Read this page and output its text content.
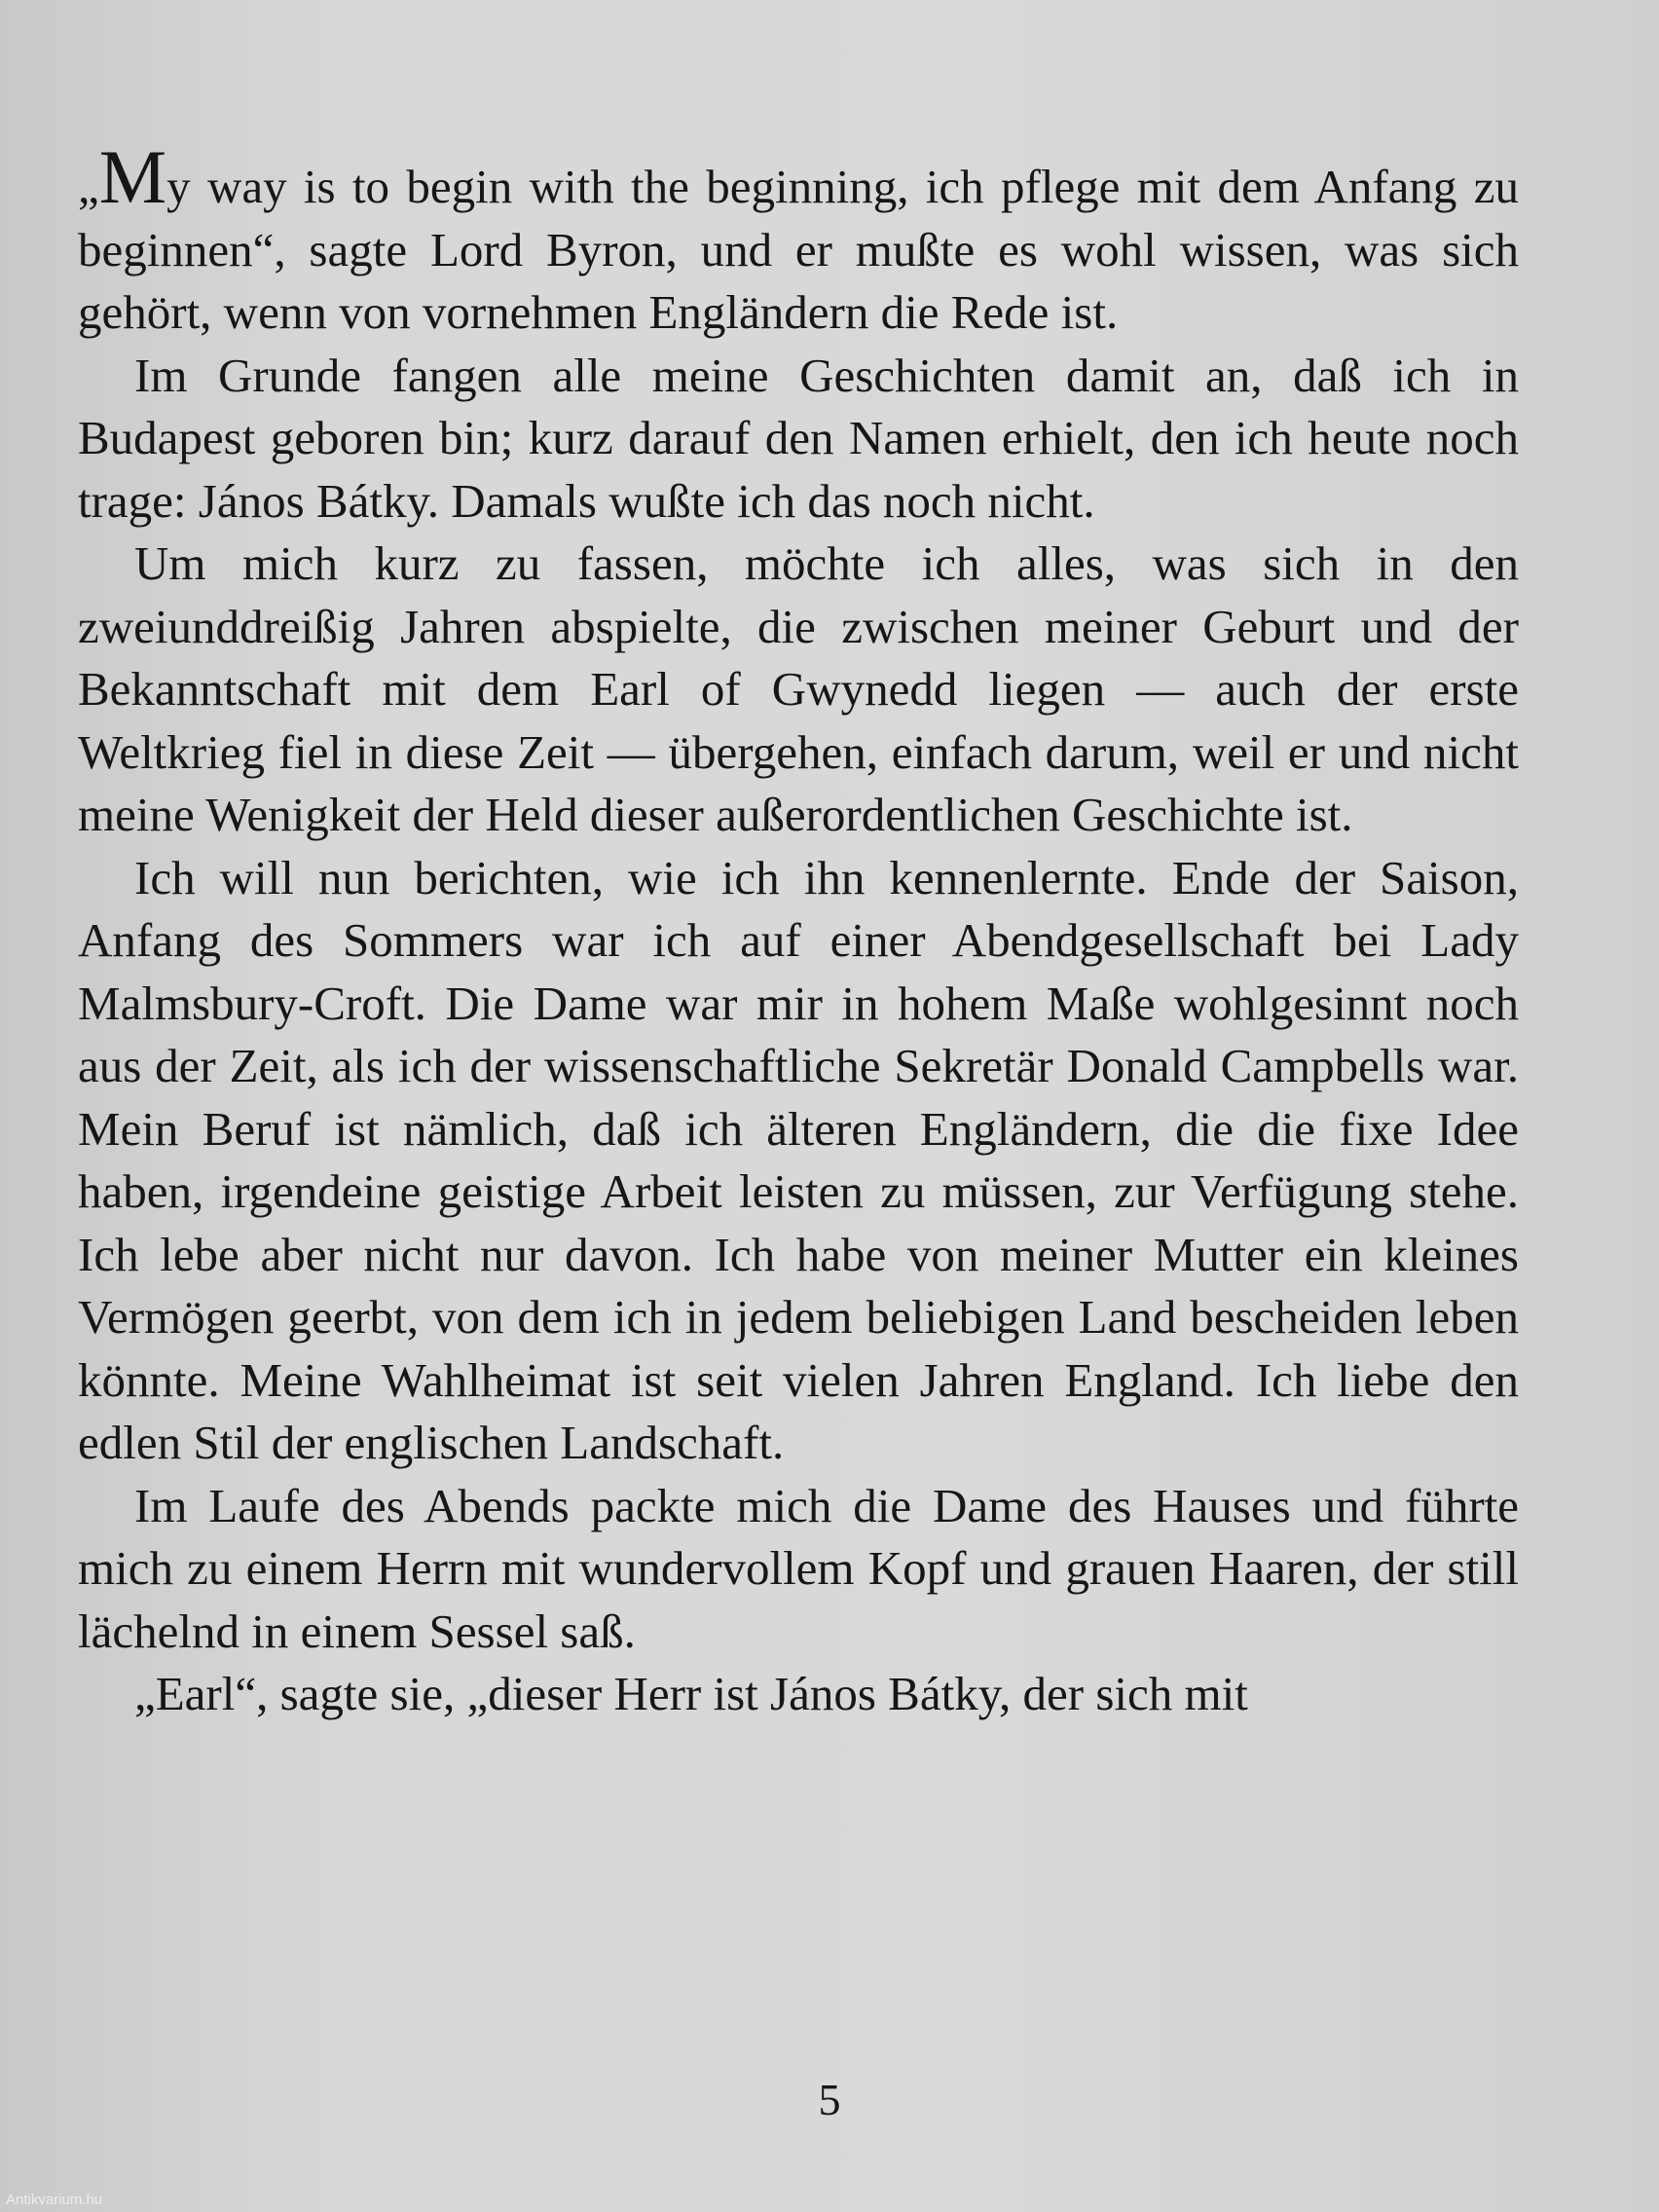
„My way is to begin with the beginning, ich pflege mit dem Anfang zu beginnen“, sagte Lord Byron, und er mußte es wohl wissen, was sich gehört, wenn von vornehmen Engländern die Rede ist.

Im Grunde fangen alle meine Geschichten damit an, daß ich in Budapest geboren bin; kurz darauf den Namen erhielt, den ich heute noch trage: János Bátky. Damals wußte ich das noch nicht.

Um mich kurz zu fassen, möchte ich alles, was sich in den zweiunddreißig Jahren abspielte, die zwischen meiner Geburt und der Bekanntschaft mit dem Earl of Gwynedd liegen — auch der erste Weltkrieg fiel in diese Zeit — übergehen, einfach darum, weil er und nicht meine Wenigkeit der Held dieser außerordentlichen Geschichte ist.

Ich will nun berichten, wie ich ihn kennenlernte. Ende der Saison, Anfang des Sommers war ich auf einer Abendgesellschaft bei Lady Malmsbury-Croft. Die Dame war mir in hohem Maße wohlgesinnt noch aus der Zeit, als ich der wissenschaftliche Sekretär Donald Campbells war. Mein Beruf ist nämlich, daß ich älteren Engländern, die die fixe Idee haben, irgendeine geistige Arbeit leisten zu müssen, zur Verfügung stehe. Ich lebe aber nicht nur davon. Ich habe von meiner Mutter ein kleines Vermögen geerbt, von dem ich in jedem beliebigen Land bescheiden leben könnte. Meine Wahlheimat ist seit vielen Jahren England. Ich liebe den edlen Stil der englischen Landschaft.

Im Laufe des Abends packte mich die Dame des Hauses und führte mich zu einem Herrn mit wundervollem Kopf und grauen Haaren, der still lächelnd in einem Sessel saß.

„Earl“, sagte sie, „dieser Herr ist János Bátky, der sich mit

5
Antikvarium.hu
